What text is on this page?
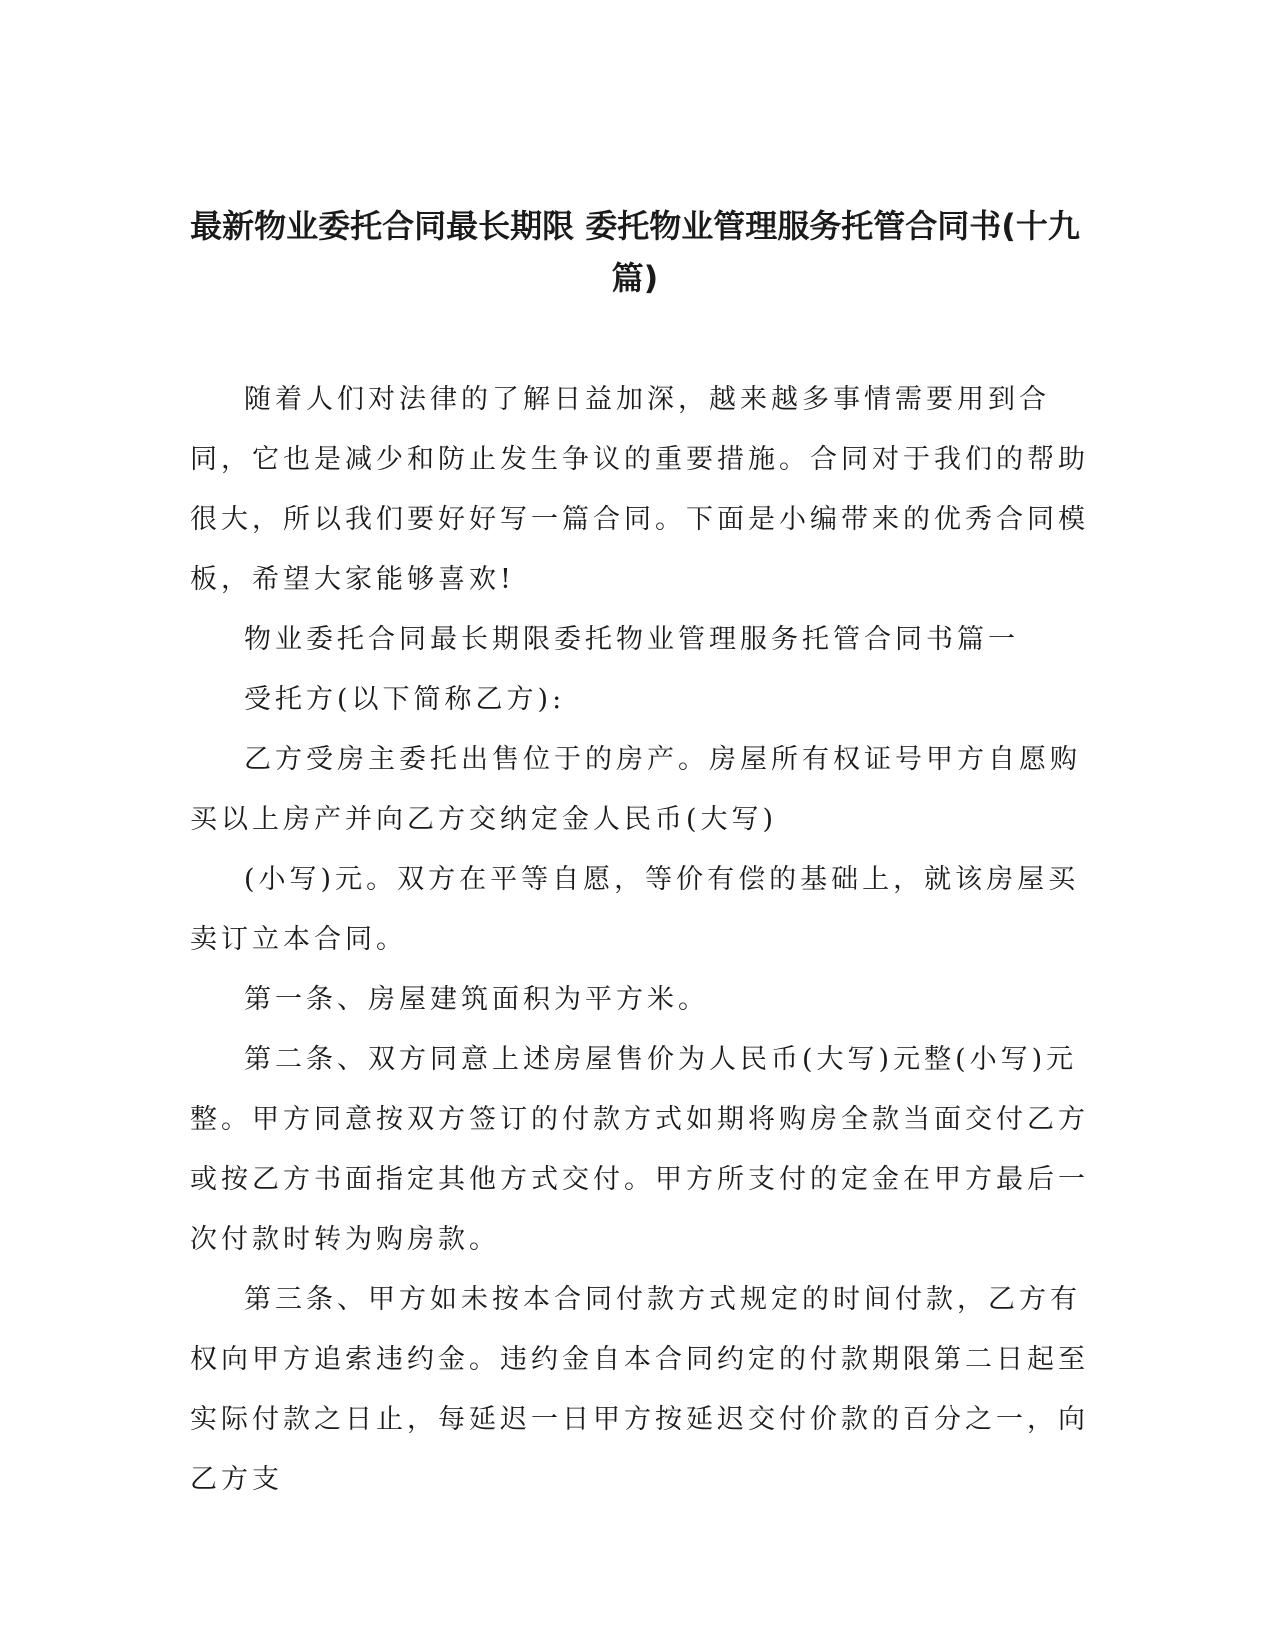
最新物业委托合同最长期限 委托物业管理服务托管合同书(十九篇)

随着人们对法律的了解日益加深，越来越多事情需要用到合同，它也是减少和防止发生争议的重要措施。合同对于我们的帮助很大，所以我们要好好写一篇合同。下面是小编带来的优秀合同模板，希望大家能够喜欢!

物业委托合同最长期限委托物业管理服务托管合同书篇一

受托方(以下简称乙方):

乙方受房主委托出售位于的房产。房屋所有权证号甲方自愿购买以上房产并向乙方交纳定金人民币(大写)

(小写)元。双方在平等自愿，等价有偿的基础上，就该房屋买卖订立本合同。

第一条、房屋建筑面积为平方米。

第二条、双方同意上述房屋售价为人民币(大写)元整(小写)元整。甲方同意按双方签订的付款方式如期将购房全款当面交付乙方或按乙方书面指定其他方式交付。甲方所支付的定金在甲方最后一次付款时转为购房款。

第三条、甲方如未按本合同付款方式规定的时间付款，乙方有权向甲方追索违约金。违约金自本合同约定的付款期限第二日起至实际付款之日止，每延迟一日甲方按延迟交付价款的百分之一，向乙方支
